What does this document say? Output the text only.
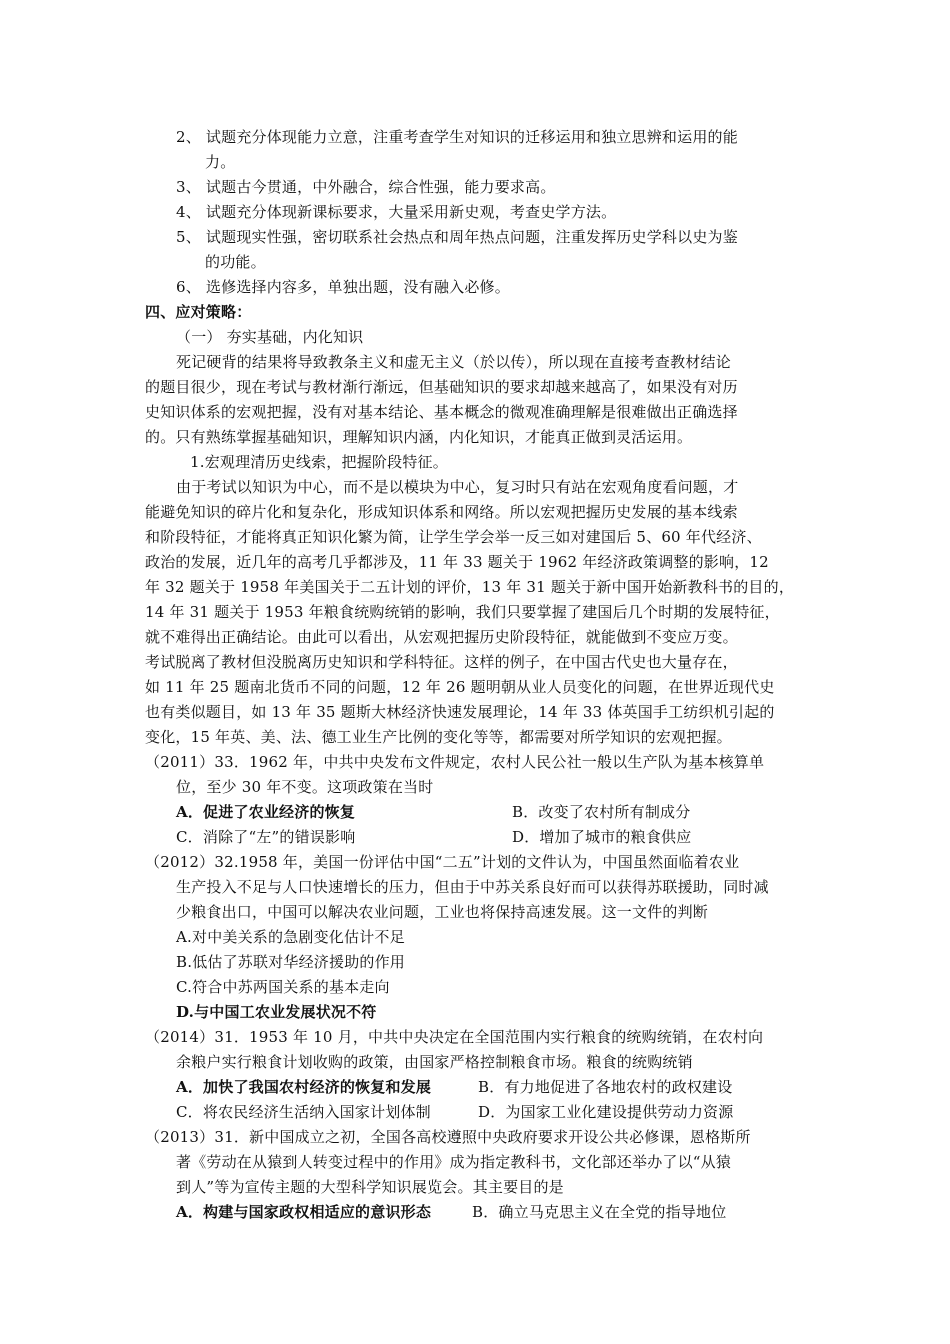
2、 试题充分体现能力立意，注重考查学生对知识的迁移运用和独立思辨和运用的能
力。
3、 试题古今贯通，中外融合，综合性强，能力要求高。
4、 试题充分体现新课标要求，大量采用新史观，考查史学方法。
5、 试题现实性强，密切联系社会热点和周年热点问题，注重发挥历史学科以史为鉴
的功能。
6、 选修选择内容多，单独出题，没有融入必修。
四、应对策略：
（一） 夯实基础，内化知识
死记硬背的结果将导致教条主义和虚无主义（於以传），所以现在直接考查教材结论
的题目很少，现在考试与教材渐行渐远，但基础知识的要求却越来越高了，如果没有对历
史知识体系的宏观把握，没有对基本结论、基本概念的微观准确理解是很难做出正确选择
的。只有熟练掌握基础知识，理解知识内涵，内化知识，才能真正做到灵活运用。
1.宏观理清历史线索，把握阶段特征。
由于考试以知识为中心，而不是以模块为中心，复习时只有站在宏观角度看问题，才
能避免知识的碎片化和复杂化，形成知识体系和网络。所以宏观把握历史发展的基本线索
和阶段特征，才能将真正知识化繁为简，让学生学会举一反三如对建国后 5、60 年代经济、
政治的发展，近几年的高考几乎都涉及，11 年 33 题关于 1962 年经济政策调整的影响，12
年 32 题关于 1958 年美国关于二五计划的评价，13 年 31 题关于新中国开始新教科书的目的，
14 年 31 题关于 1953 年粮食统购统销的影响，我们只要掌握了建国后几个时期的发展特征，
就不难得出正确结论。由此可以看出，从宏观把握历史阶段特征，就能做到不变应万变。
考试脱离了教材但没脱离历史知识和学科特征。这样的例子，在中国古代史也大量存在，
如 11 年 25 题南北货币不同的问题，12 年 26 题明朝从业人员变化的问题，在世界近现代史
也有类似题目，如 13 年 35 题斯大林经济快速发展理论，14 年 33 体英国手工纺织机引起的
变化，15 年英、美、法、德工业生产比例的变化等等，都需要对所学知识的宏观把握。
（2011）33．1962 年，中共中央发布文件规定，农村人民公社一般以生产队为基本核算单
位，至少 30 年不变。这项政策在当时
A．促进了农业经济的恢复	B．改变了农村所有制成分
C．消除了“左”的错误影响	D．增加了城市的粮食供应
（2012）32.1958 年，美国一份评估中国“二五”计划的文件认为，中国虽然面临着农业
生产投入不足与人口快速增长的压力，但由于中苏关系良好而可以获得苏联援助，同时减
少粮食出口，中国可以解决农业问题，工业也将保持高速发展。这一文件的判断
A.对中美关系的急剧变化估计不足
B.低估了苏联对华经济援助的作用
C.符合中苏两国关系的基本走向
D.与中国工农业发展状况不符
（2014）31．1953 年 10 月，中共中央决定在全国范围内实行粮食的统购统销，在农村向
余粮户实行粮食计划收购的政策，由国家严格控制粮食市场。粮食的统购统销
A．加快了我国农村经济的恢复和发展	B．有力地促进了各地农村的政权建设
C．将农民经济生活纳入国家计划体制	D．为国家工业化建设提供劳动力资源
（2013）31．新中国成立之初，全国各高校遵照中央政府要求开设公共必修课，恩格斯所
著《劳动在从猿到人转变过程中的作用》成为指定教科书，文化部还举办了以“从猿
到人”等为宣传主题的大型科学知识展览会。其主要目的是
A．构建与国家政权相适应的意识形态	B．确立马克思主义在全党的指导地位
